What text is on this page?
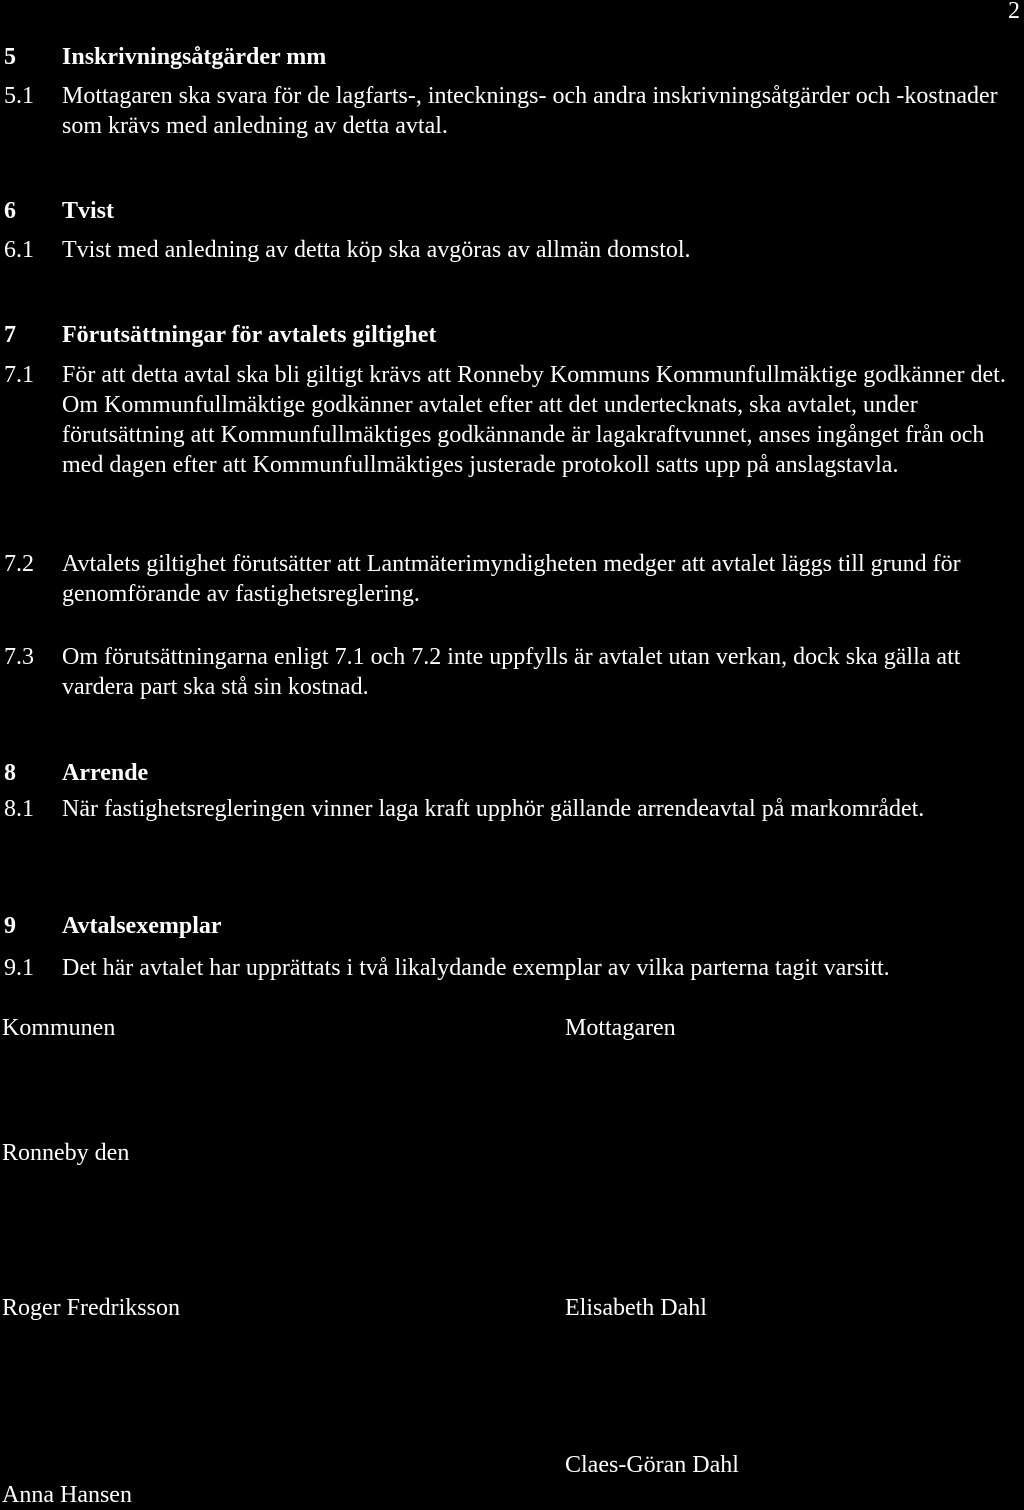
2
5 Inskrivningsåtgärder mm
5.1 Mottagaren ska svara för de lagfarts-, intecknings- och andra inskrivningsåtgärder och -kostnader som krävs med anledning av detta avtal.
6 Tvist
6.1 Tvist med anledning av detta köp ska avgöras av allmän domstol.
7 Förutsättningar för avtalets giltighet
7.1 För att detta avtal ska bli giltigt krävs att Ronneby Kommuns Kommunfullmäktige godkänner det. Om Kommunfullmäktige godkänner avtalet efter att det undertecknats, ska avtalet, under förutsättning att Kommunfullmäktiges godkännande är lagakraftvunnet, anses ingånget från och med dagen efter att Kommunfullmäktiges justerade protokoll satts upp på anslagstavla.
7.2 Avtalets giltighet förutsätter att Lantmäterimyndigheten medger att avtalet läggs till grund för genomförande av fastighetsreglering.
7.3 Om förutsättningarna enligt 7.1 och 7.2 inte uppfylls är avtalet utan verkan, dock ska gälla att vardera part ska stå sin kostnad.
8 Arrende
8.1 När fastighetsregleringen vinner laga kraft upphör gällande arrendeavtal på markområdet.
9 Avtalsexemplar
9.1 Det här avtalet har upprättats i två likalydande exemplar av vilka parterna tagit varsitt.
Kommunen	Mottagaren
Ronneby den
Roger Fredriksson	Elisabeth Dahl
Claes-Göran Dahl
Anna Hansen
